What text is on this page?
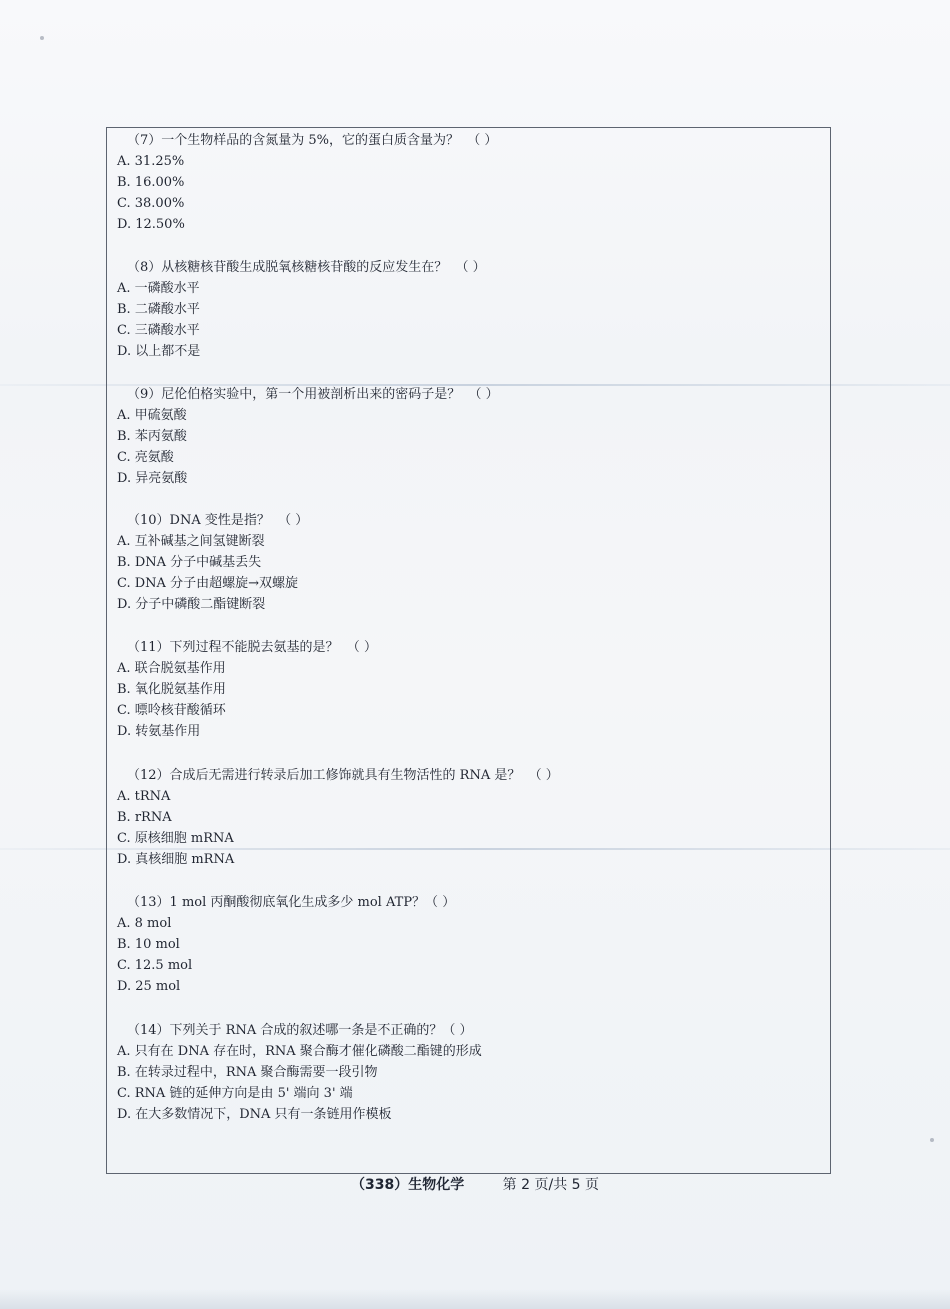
（7）一个生物样品的含氮量为 5%，它的蛋白质含量为？  （ ）
A. 31.25%
B. 16.00%
C. 38.00%
D. 12.50%
（8）从核糖核苷酸生成脱氧核糖核苷酸的反应发生在？  （ ）
A. 一磷酸水平
B. 二磷酸水平
C. 三磷酸水平
D. 以上都不是
（9）尼伦伯格实验中，第一个用被剖析出来的密码子是？  （ ）
A. 甲硫氨酸
B. 苯丙氨酸
C. 亮氨酸
D. 异亮氨酸
（10）DNA 变性是指？  （ ）
A. 互补碱基之间氢键断裂
B. DNA 分子中碱基丢失
C. DNA 分子由超螺旋→双螺旋
D. 分子中磷酸二酯键断裂
（11）下列过程不能脱去氨基的是？  （ ）
A. 联合脱氨基作用
B. 氧化脱氨基作用
C. 嘌呤核苷酸循环
D. 转氨基作用
（12）合成后无需进行转录后加工修饰就具有生物活性的 RNA 是？  （ ）
A. tRNA
B. rRNA
C. 原核细胞 mRNA
D. 真核细胞 mRNA
（13）1 mol 丙酮酸彻底氧化生成多少 mol ATP？（ ）
A. 8 mol
B. 10 mol
C. 12.5 mol
D. 25 mol
（14）下列关于 RNA 合成的叙述哪一条是不正确的？（ ）
A. 只有在 DNA 存在时，RNA 聚合酶才催化磷酸二酯键的形成
B. 在转录过程中，RNA 聚合酶需要一段引物
C. RNA 链的延伸方向是由 5' 端向 3' 端
D. 在大多数情况下，DNA 只有一条链用作模板
（338）生物化学	第 2 页/共 5 页
